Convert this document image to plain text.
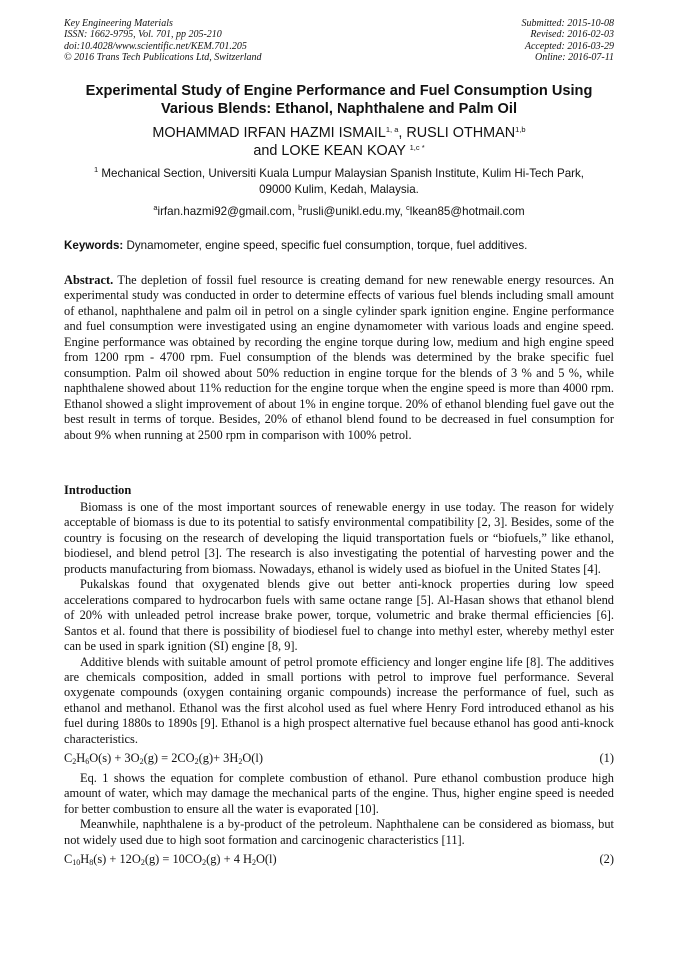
Key Engineering Materials
ISSN: 1662-9795, Vol. 701, pp 205-210
doi:10.4028/www.scientific.net/KEM.701.205
© 2016 Trans Tech Publications Ltd, Switzerland
Submitted: 2015-10-08
Revised: 2016-02-03
Accepted: 2016-03-29
Online: 2016-07-11
Experimental Study of Engine Performance and Fuel Consumption Using
Various Blends: Ethanol, Naphthalene and Palm Oil
MOHAMMAD IRFAN HAZMI ISMAIL$^{1, a}$, RUSLI OTHMAN$^{1,b}$
and LOKE KEAN KOAY $^{1,c *}$
$^1$ Mechanical Section, Universiti Kuala Lumpur Malaysian Spanish Institute, Kulim Hi-Tech Park,
09000 Kulim, Kedah, Malaysia.
$^a$irfan.hazmi92@gmail.com, $^b$rusli@unikl.edu.my, $^c$lkean85@hotmail.com
Keywords: Dynamometer, engine speed, specific fuel consumption, torque, fuel additives.
Abstract. The depletion of fossil fuel resource is creating demand for new renewable energy resources. An experimental study was conducted in order to determine effects of various fuel blends including small amount of ethanol, naphthalene and palm oil in petrol on a single cylinder spark ignition engine. Engine performance and fuel consumption were investigated using an engine dynamometer with various loads and engine speed. Engine performance was obtained by recording the engine torque during low, medium and high engine speed from 1200 rpm - 4700 rpm. Fuel consumption of the blends was determined by the brake specific fuel consumption. Palm oil showed about 50% reduction in engine torque for the blends of 3 % and 5 %, while naphthalene showed about 11% reduction for the engine torque when the engine speed is more than 4000 rpm. Ethanol showed a slight improvement of about 1% in engine torque. 20% of ethanol blending fuel gave out the best result in terms of torque. Besides, 20% of ethanol blend found to be decreased in fuel consumption for about 9% when running at 2500 rpm in comparison with 100% petrol.
Introduction

Biomass is one of the most important sources of renewable energy in use today. The reason for widely acceptable of biomass is due to its potential to satisfy environmental compatibility [2, 3]. Besides, some of the country is focusing on the research of developing the liquid transportation fuels or “biofuels,” like ethanol, biodiesel, and blend petrol [3]. The research is also investigating the potential of harvesting power and the products manufacturing from biomass. Nowadays, ethanol is widely used as biofuel in the United States [4].

Pukalskas found that oxygenated blends give out better anti-knock properties during low speed accelerations compared to hydrocarbon fuels with same octane range [5]. Al-Hasan shows that ethanol blend of 20% with unleaded petrol increase brake power, torque, volumetric and brake thermal efficiencies [6]. Santos et al. found that there is possibility of biodiesel fuel to change into methyl ester, whereby methyl ester can be used in spark ignition (SI) engine [8, 9].

Additive blends with suitable amount of petrol promote efficiency and longer engine life [8]. The additives are chemicals composition, added in small portions with petrol to improve fuel performance. Several oxygenate compounds (oxygen containing organic compounds) increase the performance of fuel, such as ethanol and methanol. Ethanol was the first alcohol used as fuel where Henry Ford introduced ethanol as his fuel during 1880s to 1890s [9]. Ethanol is a high prospect alternative fuel because ethanol has good anti-knock characteristics.

$C_2H_6O(s) + 3O_2(g) = 2CO_2(g)+ 3H_2O(l)$	(1)

Eq. 1 shows the equation for complete combustion of ethanol. Pure ethanol combustion produce high amount of water, which may damage the mechanical parts of the engine. Thus, higher engine speed is needed for better combustion to ensure all the water is evaporated [10].

Meanwhile, naphthalene is a by-product of the petroleum. Naphthalene can be considered as biomass, but not widely used due to high soot formation and carcinogenic characteristics [11].

$C_{10}H_8(s) + 12O_2(g) = 10CO_2(g) + 4$ $H_2O(l)$	(2)
